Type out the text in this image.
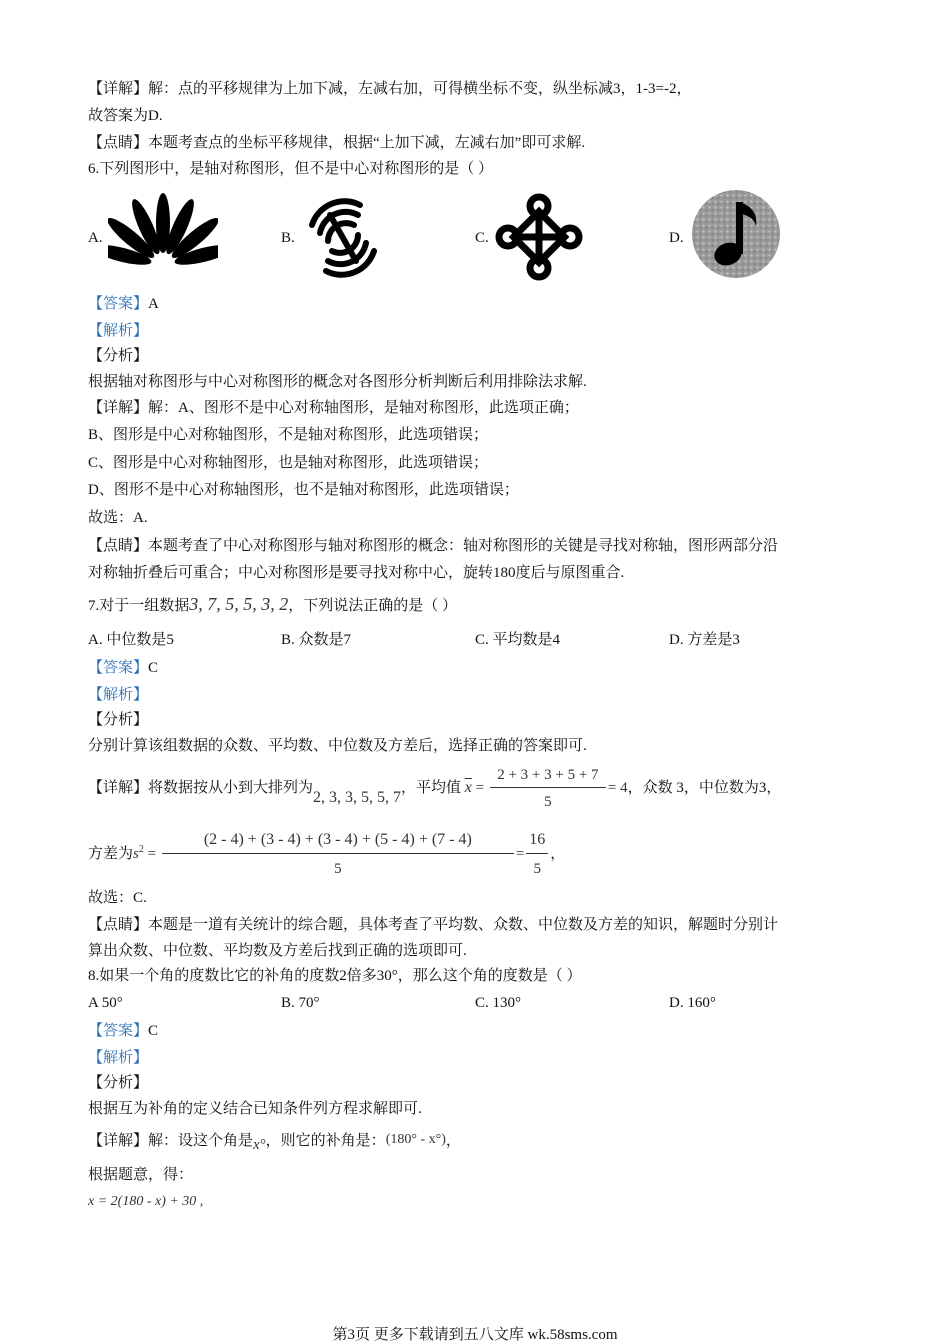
【详解】解：点的平移规律为上加下减，左减右加，可得横坐标不变，纵坐标减3，1-3=-2，
故答案为D.
【点睛】本题考查点的坐标平移规律，根据“上加下减，左减右加”即可求解.
6.下列图形中，是轴对称图形，但不是中心对称图形的是（ ）
A.	B.	C.	D.
【答案】A
【解析】
【分析】
根据轴对称图形与中心对称图形的概念对各图形分析判断后利用排除法求解.
【详解】解：A、图形不是中心对称轴图形，是轴对称图形，此选项正确；
B、图形是中心对称轴图形，不是轴对称图形，此选项错误；
C、图形是中心对称轴图形，也是轴对称图形，此选项错误；
D、图形不是中心对称轴图形，也不是轴对称图形，此选项错误；
故选：A.
【点睛】本题考查了中心对称图形与轴对称图形的概念：轴对称图形的关键是寻找对称轴，图形两部分沿
对称轴折叠后可重合；中心对称图形是要寻找对称中心，旋转180度后与原图重合.
7.对于一组数据3, 7, 5, 5, 3, 2，下列说法正确的是（ ）
A. 中位数是5	B. 众数是7	C. 平均数是4	D. 方差是3
【答案】C
【解析】
【分析】
分别计算该组数据的众数、平均数、中位数及方差后，选择正确的答案即可.
【详解】将数据按从小到大排列为2, 3, 3, 5, 5, 7，平均值 $\overline{x} = \frac{2 + 3 + 3 + 5 + 7}{5} = 4$，众数 3，中位数为3，
方差为$s^2 = \frac{(2 - 4) + (3 - 4) + (3 - 4) + (5 - 4) + (7 - 4)}{5} = \frac{16}{5}$ ，
故选：C.
【点睛】本题是一道有关统计的综合题，具体考查了平均数、众数、中位数及方差的知识，解题时分别计
算出众数、中位数、平均数及方差后找到正确的选项即可.
8.如果一个角的度数比它的补角的度数2倍多30°，那么这个角的度数是（ ）
A 50°	B. 70°	C. 130°	D. 160°
【答案】C
【解析】
【分析】
根据互为补角的定义结合已知条件列方程求解即可.
【详解】解：设这个角是x°，则它的补角是：(180° - x°)，
根据题意，得：
x = 2(180 - x) + 30 ,
第3页 更多下载请到五八文库 wk.58sms.com
